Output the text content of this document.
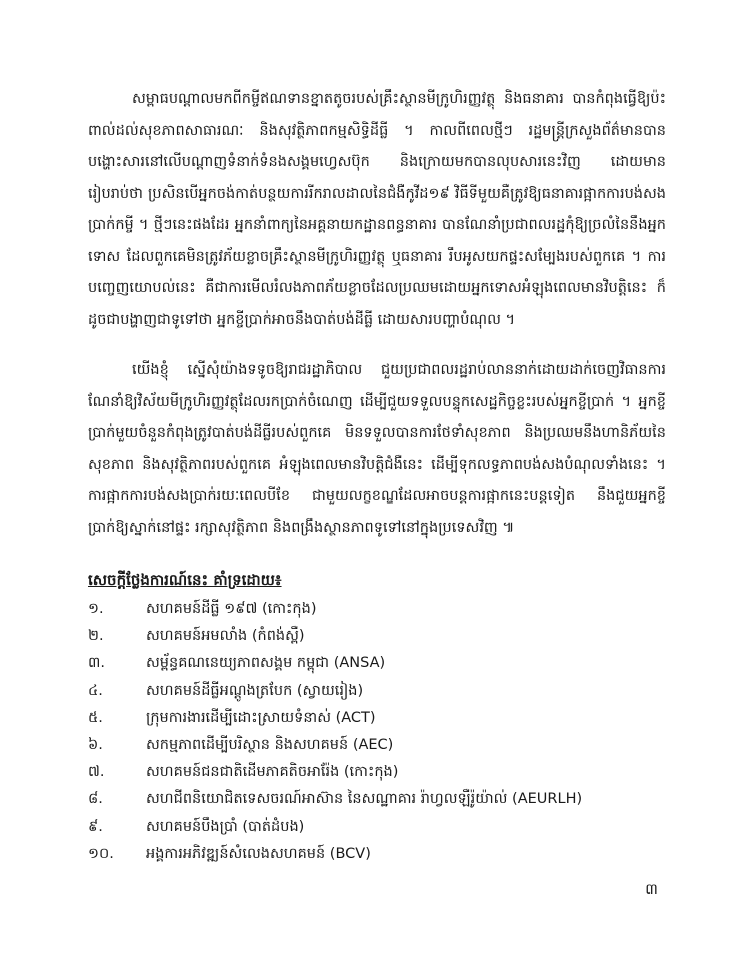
សម្ពាធបណ្តាលមកពីកម្ចីឥណទានខ្នាតតូចរបស់គ្រឹះស្ថានមីក្រូហិរញ្ញវត្ថុ និងធនាគារ បានកំពុងធ្វើឱ្យប៉ះពាល់ដល់សុខភាពសាធារណៈ និងសុវត្ថិភាពកម្មសិទ្ធិដីធ្លី ។ កាលពីពេលថ្មីៗ រដ្ឋមន្ត្រីក្រសួងព័ត៌មានបានបង្ហោះសារនៅលើបណ្តាញទំនាក់ទំនងសង្គមហ្វេសប៊ុក និងក្រោយមកបានលុបសារនេះវិញ ដោយមានរៀបរាប់ថា ប្រសិនបើអ្នកចង់កាត់បន្ថយការរីករាលដាលនៃជំងឺកូវីដ១៩ វិធីទីមួយគឺត្រូវឱ្យធនាគារផ្អាកការបង់សងប្រាក់កម្ចី ។ ថ្មីៗនេះផងដែរ អ្នកនាំពាក្យនៃអគ្គនាយកដ្ឋានពន្ធនាគារ បានណែនាំប្រជាពលរដ្ឋកុំឱ្យច្រលំនៃនឹងអ្នកទោស ដែលពួកគេមិនត្រូវភ័យខ្លាចគ្រឹះស្ថានមីក្រូហិរញ្ញវត្ថុ ឬធនាគារ រឹបអូសយកផ្ទះសម្បែងរបស់ពួកគេ ។ ការបញ្ចេញយោបល់នេះ គឺជាការមើលរំលងភាពភ័យខ្លាចដែលប្រឈមដោយអ្នកទោសអំឡុងពេលមានវិបត្តិនេះ ក៏ដូចជាបង្ហាញជាទូទៅថា អ្នកខ្ចីប្រាក់អាចនឹងបាត់បង់ដីធ្លី ដោយសារបញ្ហាបំណុល ។

យើងខ្ញុំ ស្នើសុំយ៉ាងទទូចឱ្យរាជរដ្ឋាភិបាល ជួយប្រជាពលរដ្ឋរាប់លាននាក់ដោយដាក់ចេញវិធានការណែនាំឱ្យវិស័យមីក្រូហិរញ្ញវត្ថុដែលរកប្រាក់ចំណេញ ដើម្បីជួយទទួលបន្ទុកសេដ្ឋកិច្ចខ្លះរបស់អ្នកខ្ចីប្រាក់ ។ អ្នកខ្ចីប្រាក់មួយចំនួនកំពុងត្រូវបាត់បង់ដីធ្លីរបស់ពួកគេ មិនទទួលបានការថែទាំសុខភាព និងប្រឈមនឹងហានិភ័យនៃសុខភាព និងសុវត្ថិភាពរបស់ពួកគេ អំឡុងពេលមានវិបត្តិជំងឺនេះ ដើម្បីទុកលទ្ធភាពបង់សងបំណុលទាំងនេះ ។ ការផ្អាកការបង់សងប្រាក់រយៈពេលបីខែ ជាមួយលក្ខខណ្ឌដែលអាចបន្តការផ្អាកនេះបន្តទៀត នឹងជួយអ្នកខ្ចីប្រាក់ឱ្យស្នាក់នៅផ្ទះ រក្សាសុវត្ថិភាព និងពង្រឹងស្ថានភាពទូទៅនៅក្នុងប្រទេសវិញ ៕

សេចក្តីថ្លែងការណ៍នេះ គាំទ្រដោយ៖
១.	សហគមន៍ដីធ្លី ១៩៧ (កោះកុង)
២.	សហគមន៍អមលាំង (កំពង់ស្ពឺ)
៣.	សម្ព័ន្ធគណនេយ្យភាពសង្គម កម្ពុជា (ANSA)
៤.	សហគមន៍ដីធ្លីអណ្តូងត្របែក (ស្វាយរៀង)
៥.	ក្រុមការងារដើម្បីដោះស្រាយទំនាស់ (ACT)
៦.	សកម្មភាពដើម្បីបរិស្ថាន និងសហគមន៍ (AEC)
៧.	សហគមន៍ជនជាតិដើមភាគតិចអារ៉ែង (កោះកុង)
៨.	សហជីពនិយោជិតទេសចរណ៍អាស៊ាន នៃសណ្ឋាគារ រ៉ាហ្វលឡឺរ៉ូយ៉ាល់ (AEURLH)
៩.	សហគមន៍បឹងប្រាំ (បាត់ដំបង)
១០.	អង្គការអភិវឌ្ឍន៍សំលេងសហគមន៍ (BCV)
៣
